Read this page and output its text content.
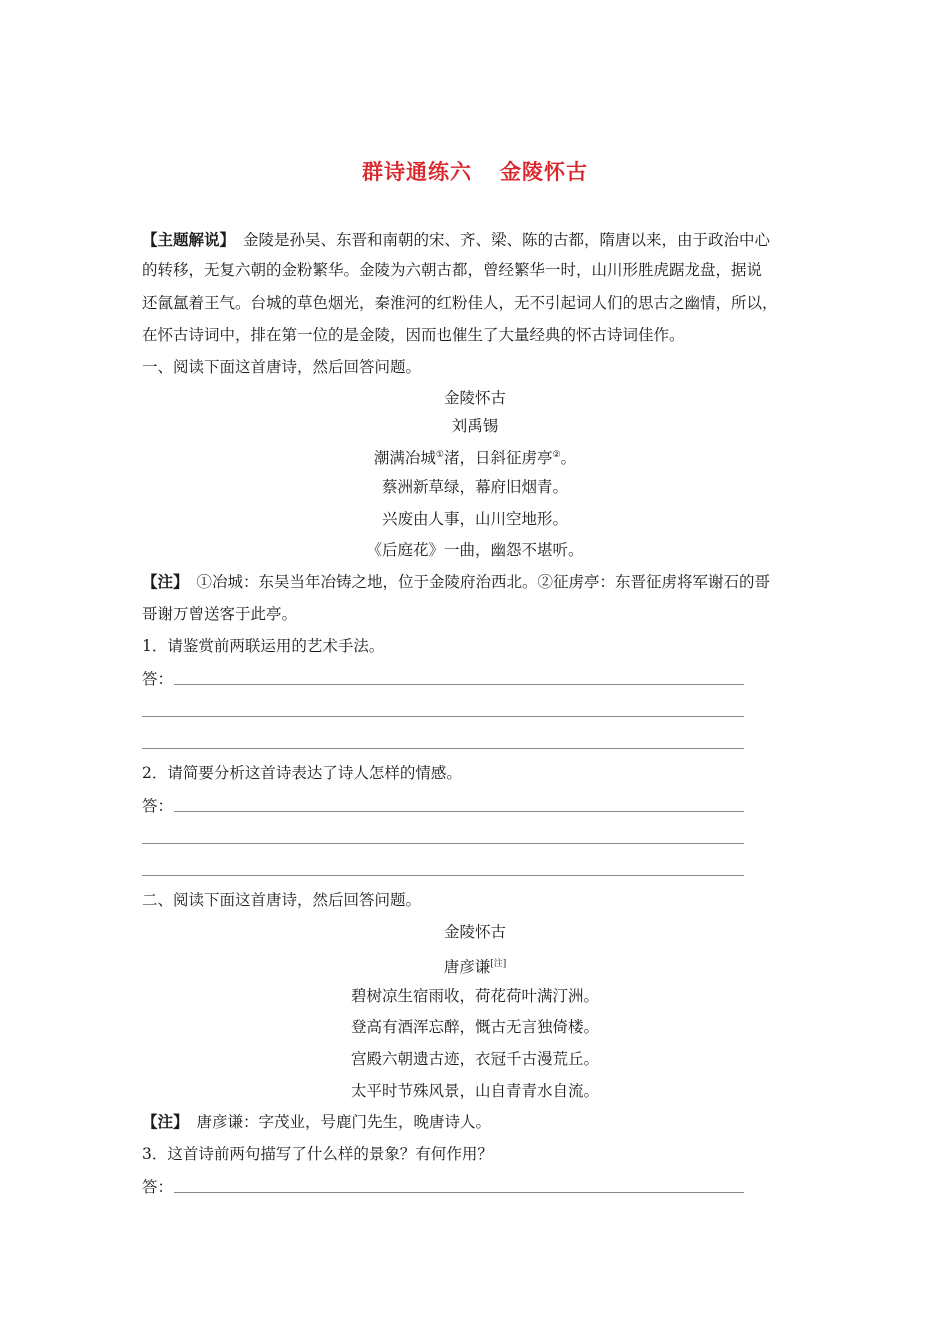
群诗通练六 金陵怀古
【主题解说】 金陵是孙吴、东晋和南朝的宋、齐、梁、陈的古都，隋唐以来，由于政治中心
的转移，无复六朝的金粉繁华。金陵为六朝古都，曾经繁华一时，山川形胜虎踞龙盘，据说
还氤氲着王气。台城的草色烟光，秦淮河的红粉佳人，无不引起词人们的思古之幽情，所以，
在怀古诗词中，排在第一位的是金陵，因而也催生了大量经典的怀古诗词佳作。
一、阅读下面这首唐诗，然后回答问题。
金陵怀古
刘禹锡
潮满冶城①渚，日斜征虏亭②。
蔡洲新草绿，幕府旧烟青。
兴废由人事，山川空地形。
《后庭花》一曲，幽怨不堪听。
【注】 ①冶城：东吴当年冶铸之地，位于金陵府治西北。②征虏亭：东晋征虏将军谢石的哥
哥谢万曾送客于此亭。
1．请鉴赏前两联运用的艺术手法。
答：
2．请简要分析这首诗表达了诗人怎样的情感。
答：
二、阅读下面这首唐诗，然后回答问题。
金陵怀古
唐彦谦[注]
碧树凉生宿雨收，荷花荷叶满汀洲。
登高有酒浑忘醉，慨古无言独倚楼。
宫殿六朝遗古迹，衣冠千古漫荒丘。
太平时节殊风景，山自青青水自流。
【注】 唐彦谦：字茂业，号鹿门先生，晚唐诗人。
3．这首诗前两句描写了什么样的景象？有何作用？
答：
